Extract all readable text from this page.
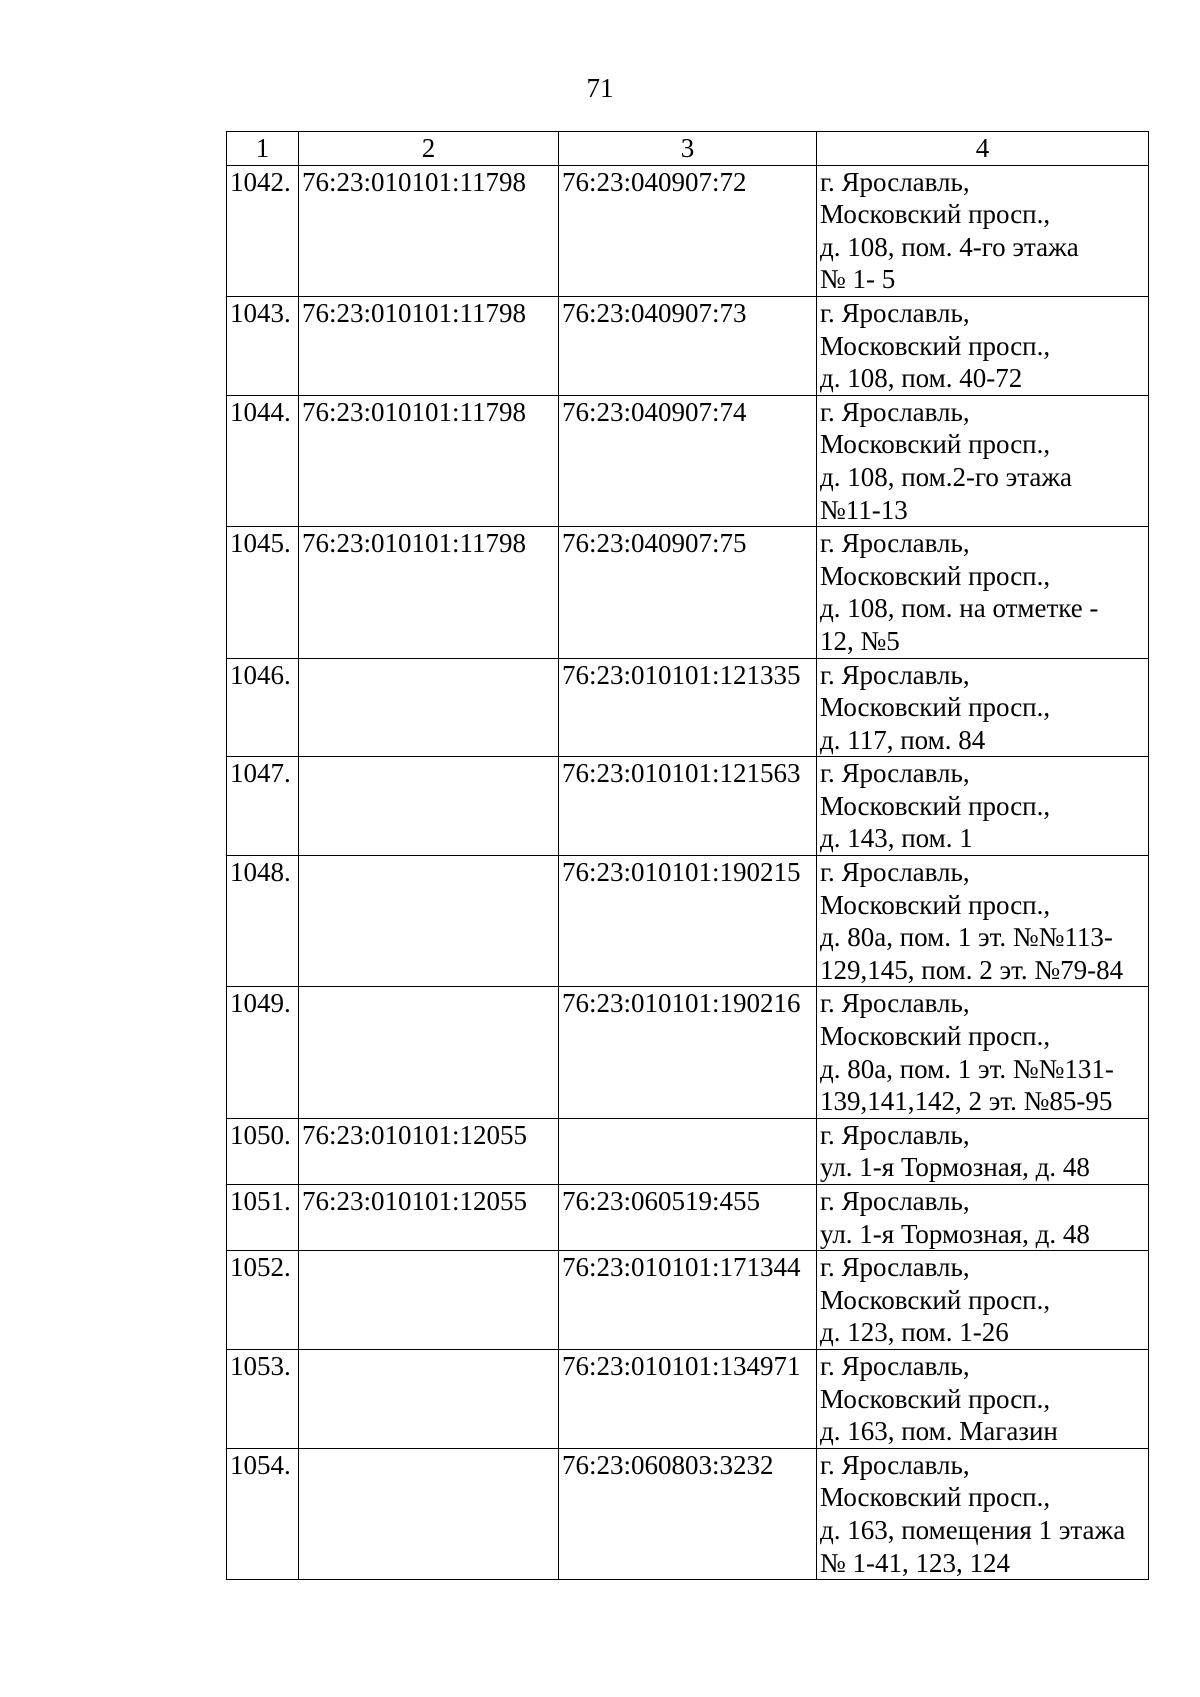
71
1	2	3	4
1042.	76:23:010101:11798	76:23:040907:72	г. Ярославль,
Московский просп.,
д. 108, пом. 4-го этажа
№ 1- 5

1043.	76:23:010101:11798	76:23:040907:73	г. Ярославль,
Московский просп.,
д. 108, пом. 40-72

1044.	76:23:010101:11798	76:23:040907:74	г. Ярославль,
Московский просп.,
д. 108, пом.2-го этажа
№11-13

1045.	76:23:010101:11798	76:23:040907:75	г. Ярославль,
Московский просп.,
д. 108, пом. на отметке -
12, №5

1046.		76:23:010101:121335	г. Ярославль,
Московский просп.,
д. 117, пом. 84

1047.		76:23:010101:121563	г. Ярославль,
Московский просп.,
д. 143, пом. 1

1048.		76:23:010101:190215	г. Ярославль,
Московский просп.,
д. 80а, пом. 1 эт. №№113-
129,145, пом. 2 эт. №79-84

1049.		76:23:010101:190216	г. Ярославль,
Московский просп.,
д. 80а, пом. 1 эт. №№131-
139,141,142, 2 эт. №85-95

1050.	76:23:010101:12055		г. Ярославль,
ул. 1-я Тормозная, д. 48

1051.	76:23:010101:12055	76:23:060519:455	г. Ярославль,
ул. 1-я Тормозная, д. 48

1052.		76:23:010101:171344	г. Ярославль,
Московский просп.,
д. 123, пом. 1-26

1053.		76:23:010101:134971	г. Ярославль,
Московский просп.,
д. 163, пом. Магазин

1054.		76:23:060803:3232	г. Ярославль,
Московский просп.,
д. 163, помещения 1 этажа
№ 1-41, 123, 124
